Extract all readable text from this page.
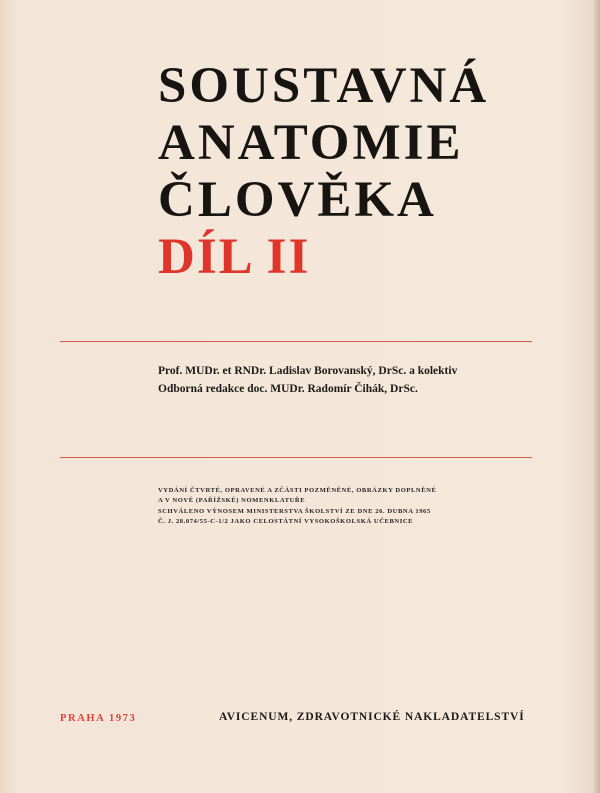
SOUSTAVNÁ
ANATOMIE
ČLOVĚKA
DÍL II
Prof. MUDr. et RNDr. Ladislav Borovanský, DrSc. a kolektiv
Odborná redakce doc. MUDr. Radomír Čihák, DrSc.
VYDÁNÍ ČTVRTÉ, OPRAVENÉ A ZČÁSTI POZMĚNĚNÉ, OBRÁZKY DOPLNĚNÉ
A V NOVÉ (PAŘÍŽSKÉ) NOMENKLATUŘE
SCHVÁLENO VÝNOSEM MINISTERSTVA ŠKOLSTVÍ ZE DNE 26. DUBNA 1965
Č. J. 28.074/55-C-1/2 JAKO CELOSTÁTNÍ VYSOKOŠKOLSKÁ UČEBNICE
PRAHA 1973	AVICENUM, ZDRAVOTNICKÉ NAKLADATELSTVÍ
